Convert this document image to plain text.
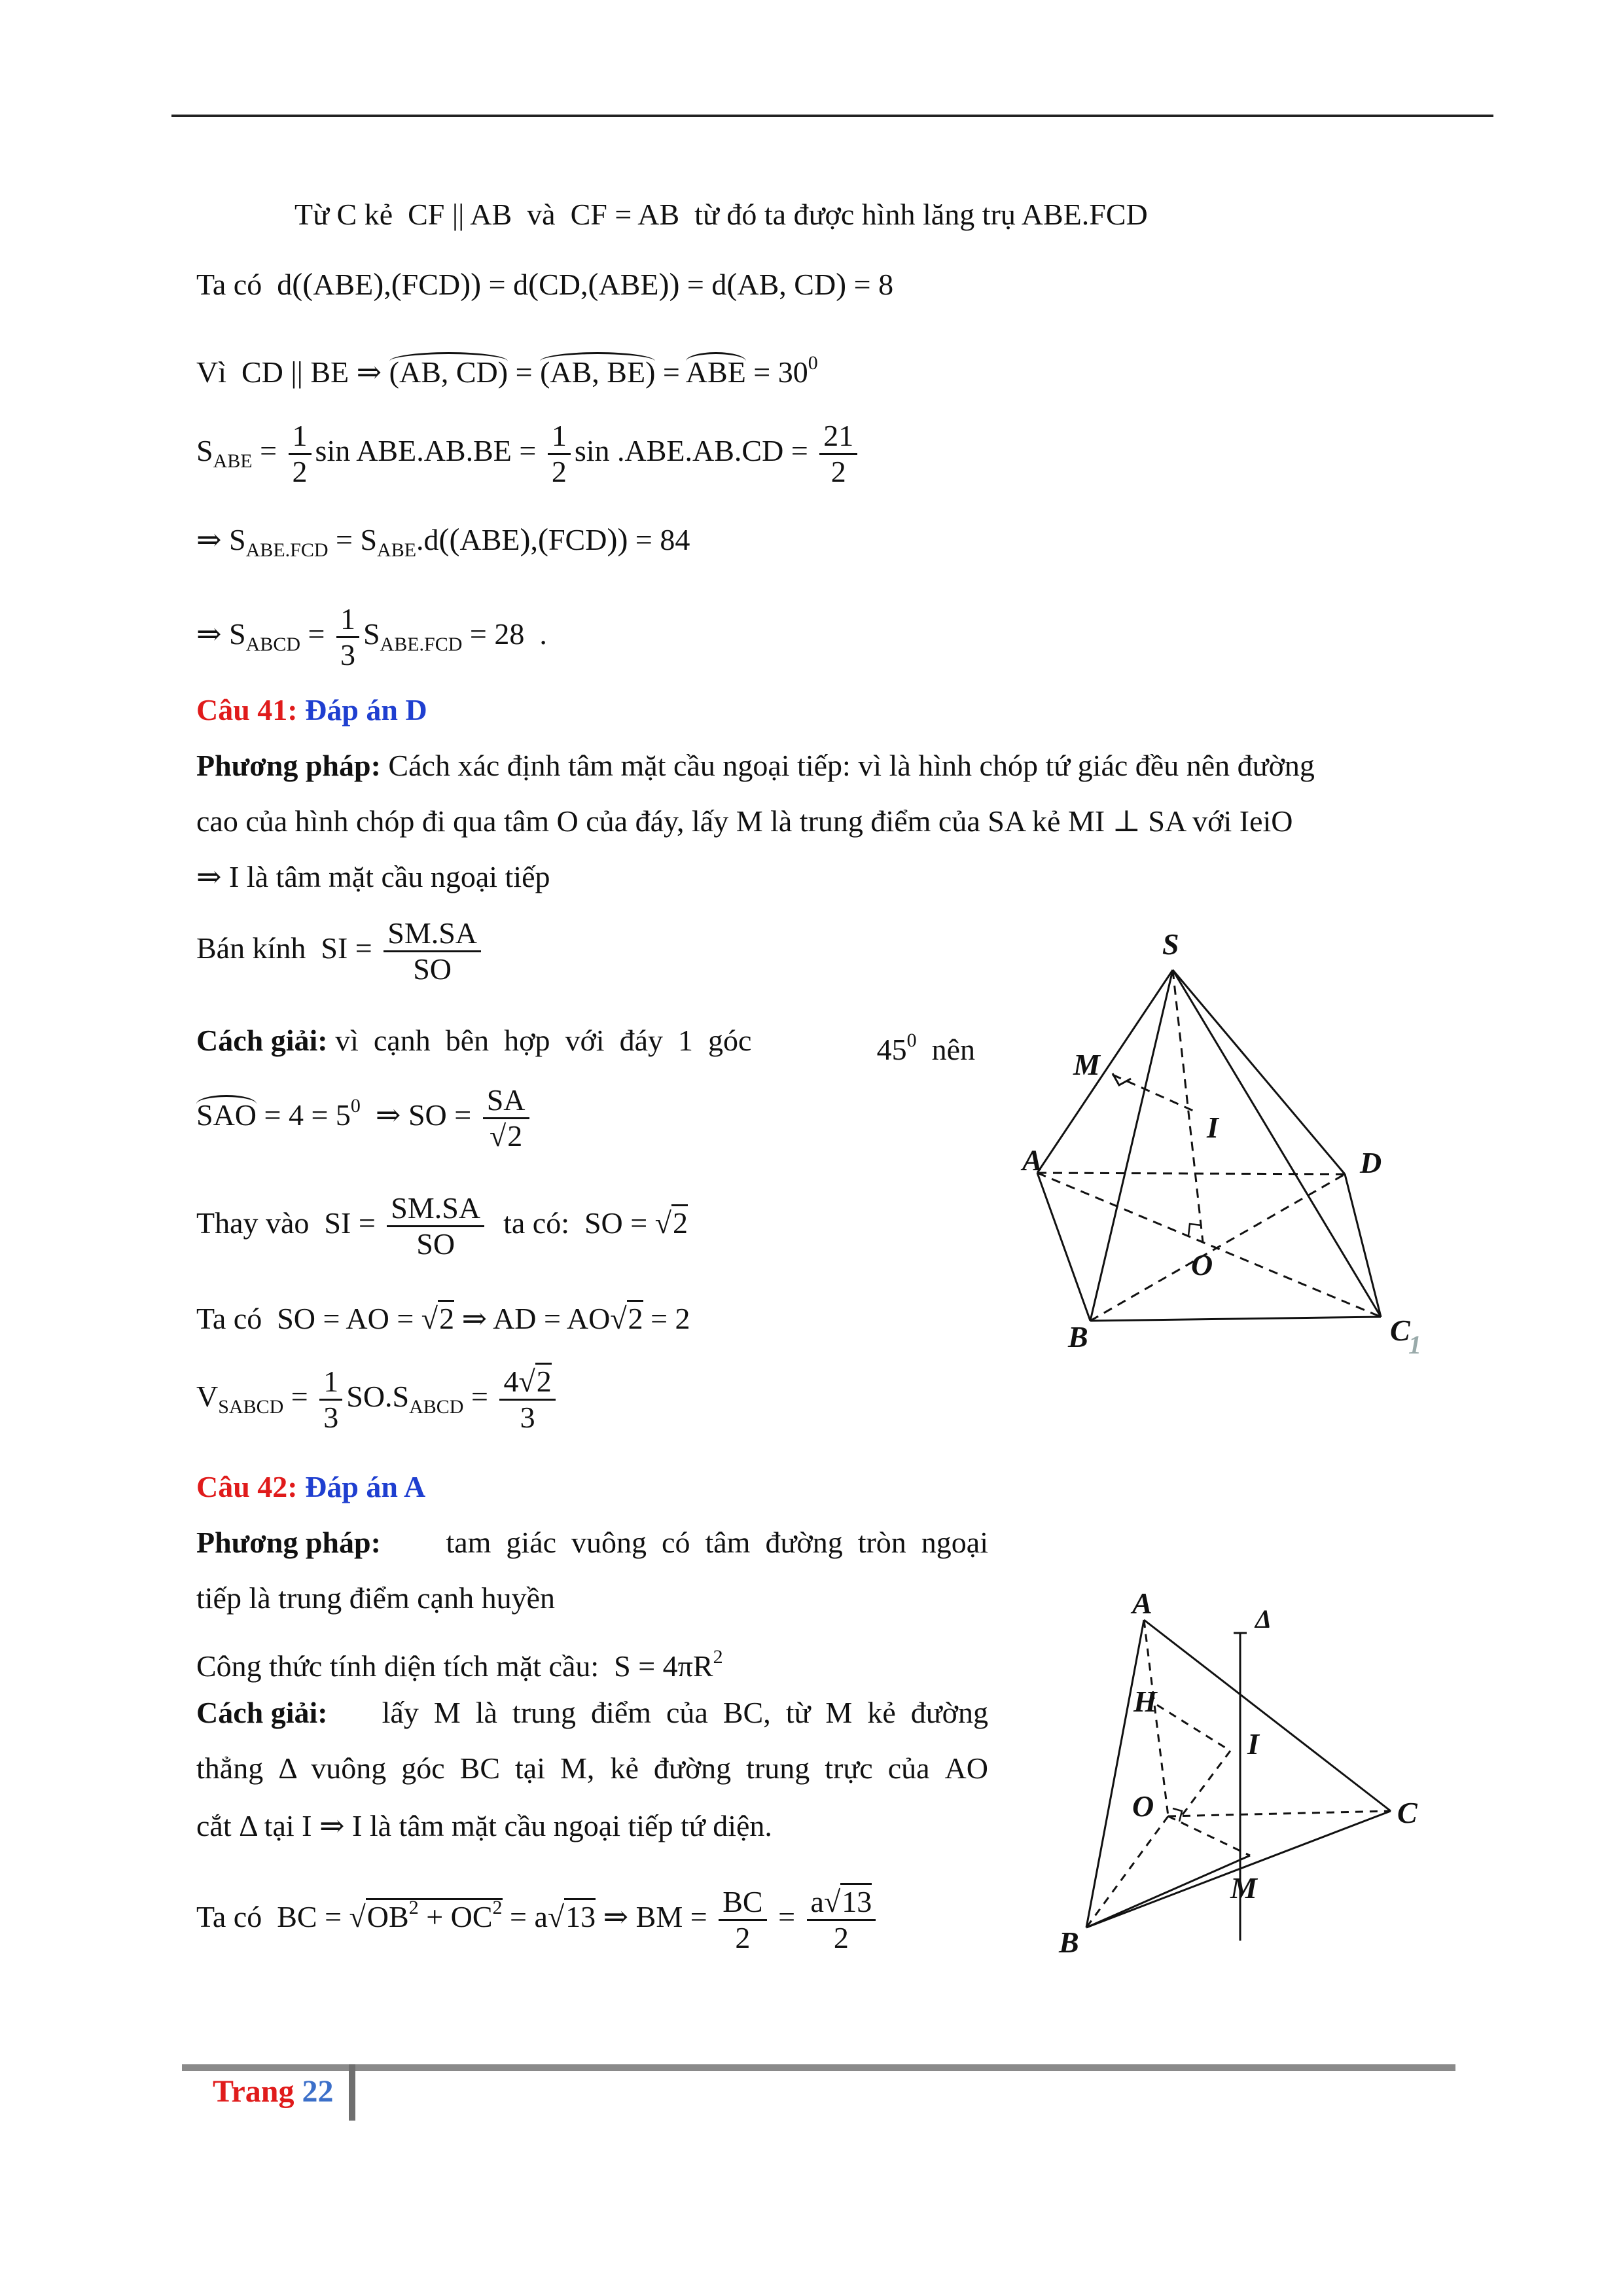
Từ C kẻ  CF || AB  và  CF = AB  từ đó ta được hình lăng trụ ABE.FCD
Ta có  d((ABE),(FCD)) = d(CD,(ABE)) = d(AB, CD) = 8
Vì  CD || BE ⇒ (AB, CD) = (AB, BE) = ABE = $30^0$
$S_{ABE} = \frac{1}{2}$ $\sin ABE.AB.BE = \frac{1}{2}$ $\sin .ABE.AB.CD = \frac{21}{2}$
⇒ $S_{ABE.FCD} = S_{ABE}.d((ABE),(FCD)) = 84$
⇒ $S_{ABCD} = \frac{1}{3} S_{ABE.FCD} = 28$  .
Câu 41: Đáp án D
Phương pháp: Cách xác định tâm mặt cầu ngoại tiếp: vì là hình chóp tứ giác đều nên đường
cao của hình chóp đi qua tâm O của đáy, lấy M là trung điểm của SA kẻ MI ⊥ SA với IeiO
⇒ I là tâm mặt cầu ngoại tiếp
Bán kính  SI = $\frac{SM.SA}{SO}$
Cách giải: vì  cạnh  bên  hợp  với  đáy  1  góc	$45^0$  nên
SAO = $4 = 5^0$  ⇒ SO = $\frac{SA}{√2}$
Thay vào  SI = $\frac{SM.SA}{SO}$ ta có:  SO = √2
Ta có  SO = AO = √2 ⇒ AD = AO√2 = 2
$V_{SABCD} = \frac{1}{3} SO.S_{ABCD} = \frac{4√2}{3}$
S
M
I
A	D
O
B	C
1
Câu 42: Đáp án A
Phương pháp: tam  giác  vuông  có  tâm  đường  tròn  ngoại
tiếp là trung điểm cạnh huyền
Công thức tính diện tích mặt cầu:  $S = 4\pi R^2$
Cách giải: lấy  M  là  trung  điểm  của  BC,  từ  M  kẻ  đường
thẳng  Δ  vuông  góc  BC  tại  M, kẻ  đường  trung  trực  của  AO
cắt Δ tại I ⇒ I là tâm mặt cầu ngoại tiếp tứ diện.
Ta có  BC = $√OB^2 + OC^2 = a√13$ ⇒ BM = $\frac{BC}{2} = \frac{a√13}{2}$
A	Δ
H
I
O	C
M
B
Trang 22
